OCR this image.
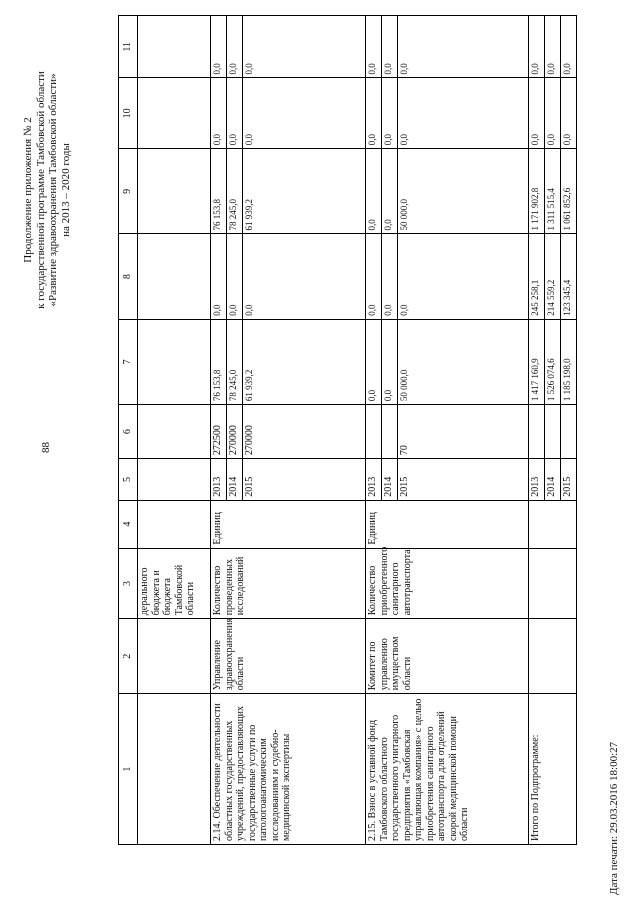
Дата печати: 29.03.2016 18:00:27
88
Продолжение приложения № 2 к государственной программе Тамбовской области «Развитие здравоохранения Тамбовской области» на 2013 – 2020 годы
1	2	3	4	5	6	7	8	9	10	11
		дерального бюджета и бюджета Тамбовской области								
2.14. Обеспечение деятельности областных государственных учреждений, предоставляющих государственные услуги по патологоанатомическим исследованиям и судебно-медицинской экспертизы	Управление здравоохранения области	Количество проведенных исследований	Единиц	2013	272500	76 153,8	0,0	76 153,8	0,0	0,0
				2014	270000	78 245,0	0,0	78 245,0	0,0	0,0
				2015	270000	61 939,2	0,0	61 939,2	0,0	0,0
2.15. Взнос в уставной фонд Тамбовского областного государственного унитарного предприятия «Тамбовская управляющая компания» с целью приобретения санитарного автотранспорта для отделений скорой медицинской помощи области	Комитет по управлению имуществом области	Количество приобретенного санитарного автотранспорта	Единиц	2013		0,0	0,0	0,0	0,0	0,0
				2014		0,0	0,0	0,0	0,0	0,0
				2015	70	50 000,0	0,0	50 000,0	0,0	0,0
Итого по Подпрограмме:				2013		1 417 160,9	245 258,1	1 171 902,8	0,0	0,0
				2014		1 526 074,6	214 559,2	1 311 515,4	0,0	0,0
				2015		1 185 198,0	123 345,4	1 061 852,6	0,0	0,0
